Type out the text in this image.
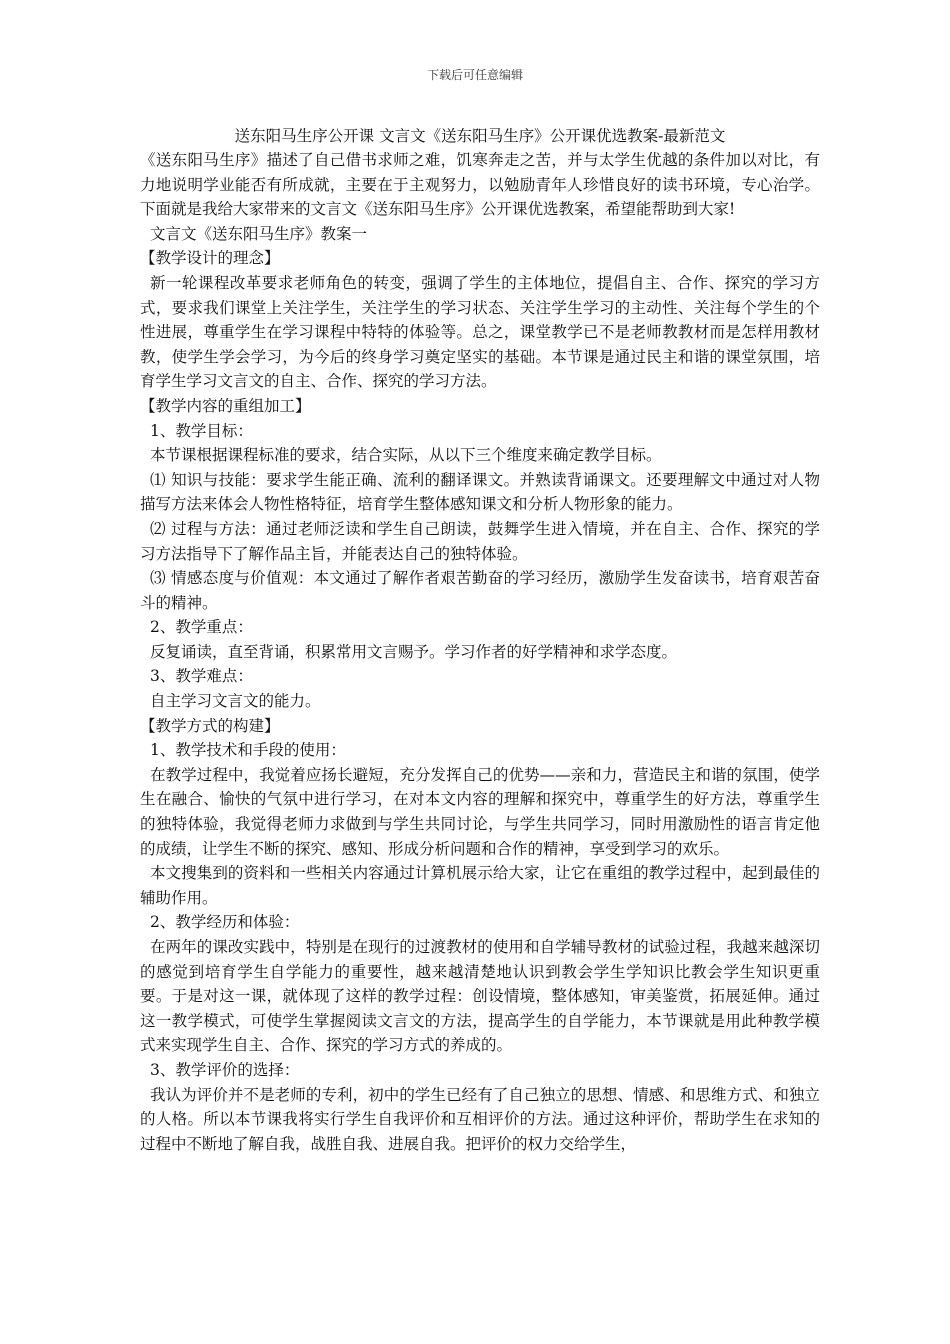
下载后可任意编辑

送东阳马生序公开课 文言文《送东阳马生序》公开课优选教案-最新范文

《送东阳马生序》描述了自己借书求师之难，饥寒奔走之苦，并与太学生优越的条件加以对比，有力地说明学业能否有所成就，主要在于主观努力，以勉励青年人珍惜良好的读书环境，专心治学。下面就是我给大家带来的文言文《送东阳马生序》公开课优选教案，希望能帮助到大家!

文言文《送东阳马生序》教案一

【教学设计的理念】

新一轮课程改革要求老师角色的转变，强调了学生的主体地位，提倡自主、合作、探究的学习方式，要求我们课堂上关注学生，关注学生的学习状态、关注学生学习的主动性、关注每个学生的个性进展，尊重学生在学习课程中特特的体验等。总之，课堂教学已不是老师教教材而是怎样用教材教，使学生学会学习，为今后的终身学习奠定坚实的基础。本节课是通过民主和谐的课堂氛围，培育学生学习文言文的自主、合作、探究的学习方法。

【教学内容的重组加工】

1、教学目标：

本节课根据课程标准的要求，结合实际，从以下三个维度来确定教学目标。

⑴ 知识与技能：要求学生能正确、流利的翻译课文。并熟读背诵课文。还要理解文中通过对人物描写方法来体会人物性格特征，培育学生整体感知课文和分析人物形象的能力。

⑵ 过程与方法：通过老师泛读和学生自己朗读，鼓舞学生进入情境，并在自主、合作、探究的学习方法指导下了解作品主旨，并能表达自己的独特体验。

⑶ 情感态度与价值观：本文通过了解作者艰苦勤奋的学习经历，激励学生发奋读书，培育艰苦奋斗的精神。

2、教学重点：

反复诵读，直至背诵，积累常用文言赐予。学习作者的好学精神和求学态度。

3、教学难点：

自主学习文言文的能力。

【教学方式的构建】

1、教学技术和手段的使用：

在教学过程中，我觉着应扬长避短，充分发挥自己的优势——亲和力，营造民主和谐的氛围，使学生在融合、愉快的气氛中进行学习，在对本文内容的理解和探究中，尊重学生的好方法，尊重学生的独特体验，我觉得老师力求做到与学生共同讨论，与学生共同学习，同时用激励性的语言肯定他的成绩，让学生不断的探究、感知、形成分析问题和合作的精神，享受到学习的欢乐。

本文搜集到的资料和一些相关内容通过计算机展示给大家，让它在重组的教学过程中，起到最佳的辅助作用。

2、教学经历和体验：

在两年的课改实践中，特别是在现行的过渡教材的使用和自学辅导教材的试验过程，我越来越深切的感觉到培育学生自学能力的重要性，越来越清楚地认识到教会学生学知识比教会学生知识更重要。于是对这一课，就体现了这样的教学过程：创设情境，整体感知，审美鉴赏，拓展延伸。通过这一教学模式，可使学生掌握阅读文言文的方法，提高学生的自学能力，本节课就是用此种教学模式来实现学生自主、合作、探究的学习方式的养成的。

3、教学评价的选择：

我认为评价并不是老师的专利，初中的学生已经有了自己独立的思想、情感、和思维方式、和独立的人格。所以本节课我将实行学生自我评价和互相评价的方法。通过这种评价，帮助学生在求知的过程中不断地了解自我，战胜自我、进展自我。把评价的权力交给学生，
